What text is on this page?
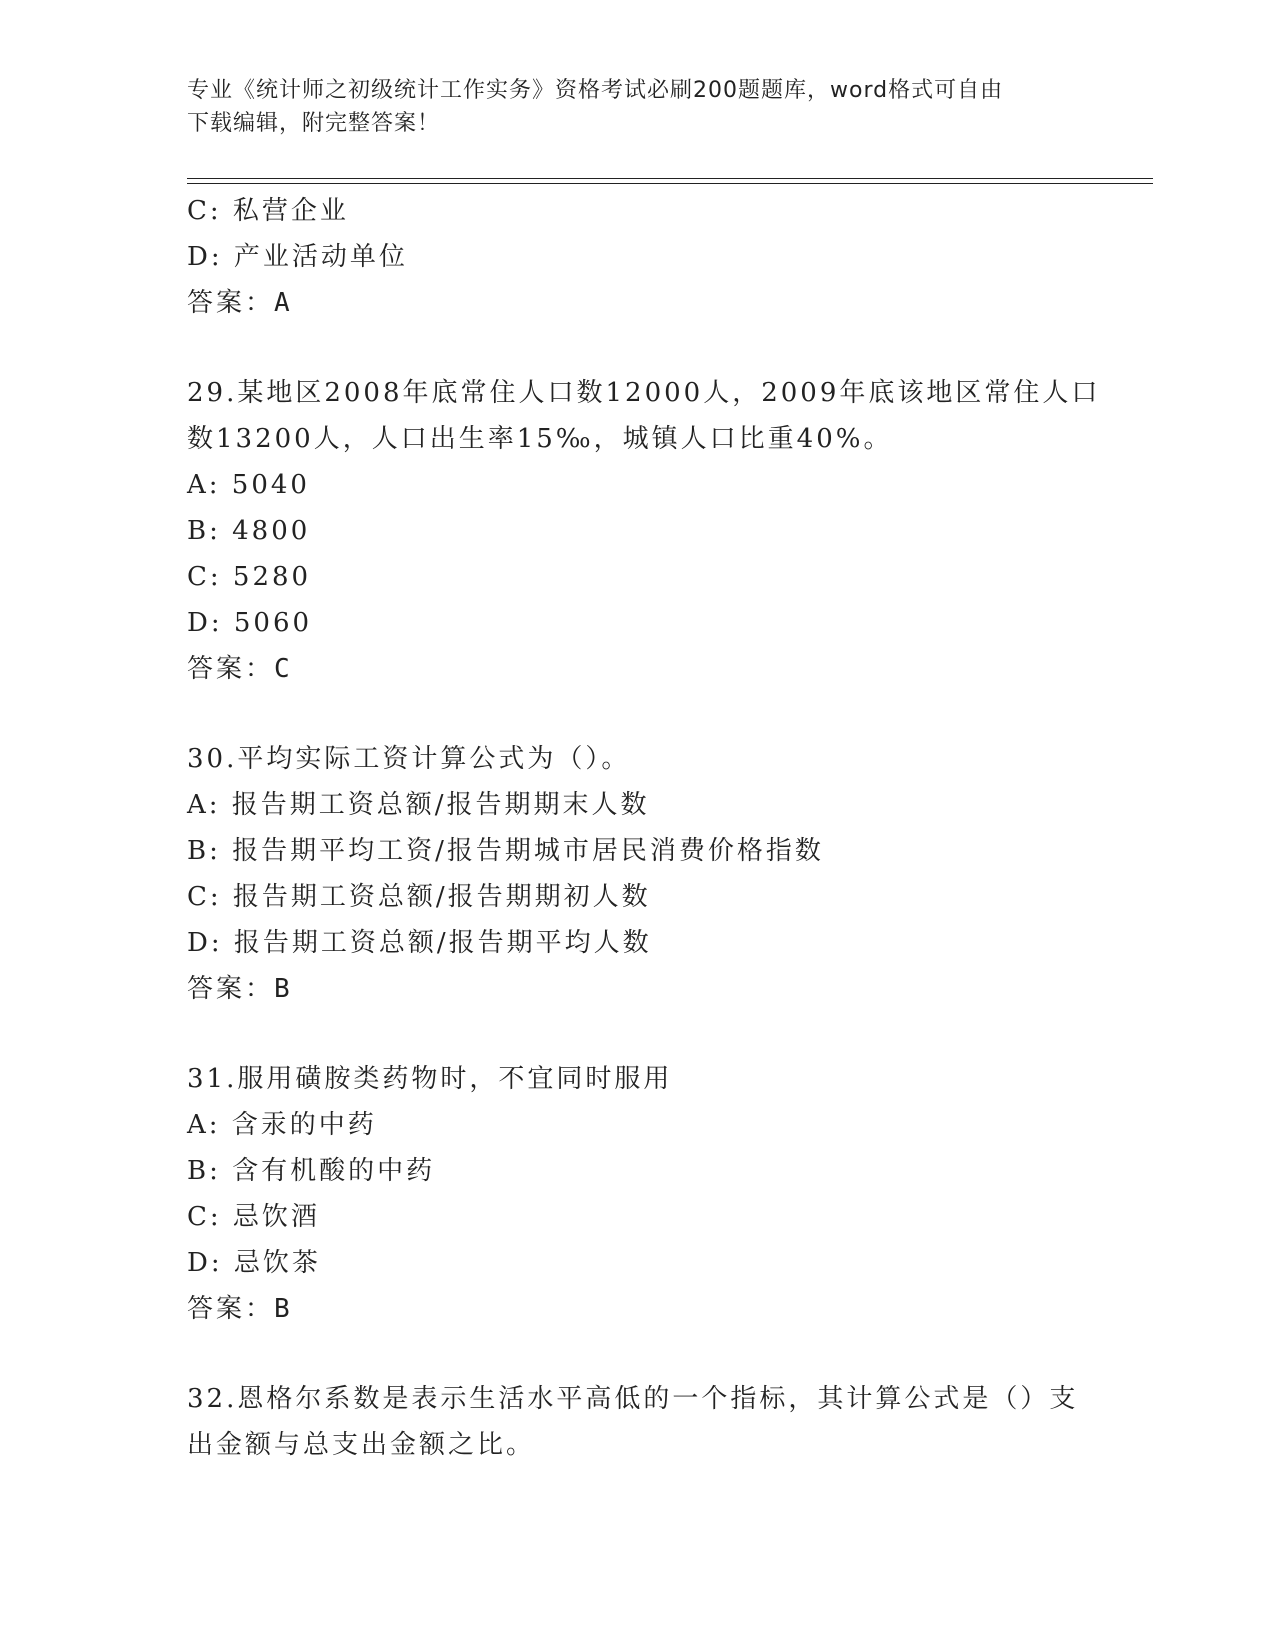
专业《统计师之初级统计工作实务》资格考试必刷200题题库，word格式可自由
下载编辑，附完整答案！
C: 私营企业
D: 产业活动单位
答案：A
29.某地区2008年底常住人口数12000人，2009年底该地区常住人口
数13200人，人口出生率15‰，城镇人口比重40%。
A: 5040
B: 4800
C: 5280
D: 5060
答案：C
30.平均实际工资计算公式为（）。
A: 报告期工资总额/报告期期末人数
B: 报告期平均工资/报告期城市居民消费价格指数
C: 报告期工资总额/报告期期初人数
D: 报告期工资总额/报告期平均人数
答案：B
31.服用磺胺类药物时，不宜同时服用
A: 含汞的中药
B: 含有机酸的中药
C: 忌饮酒
D: 忌饮茶
答案：B
32.恩格尔系数是表示生活水平高低的一个指标，其计算公式是（）支
出金额与总支出金额之比。
